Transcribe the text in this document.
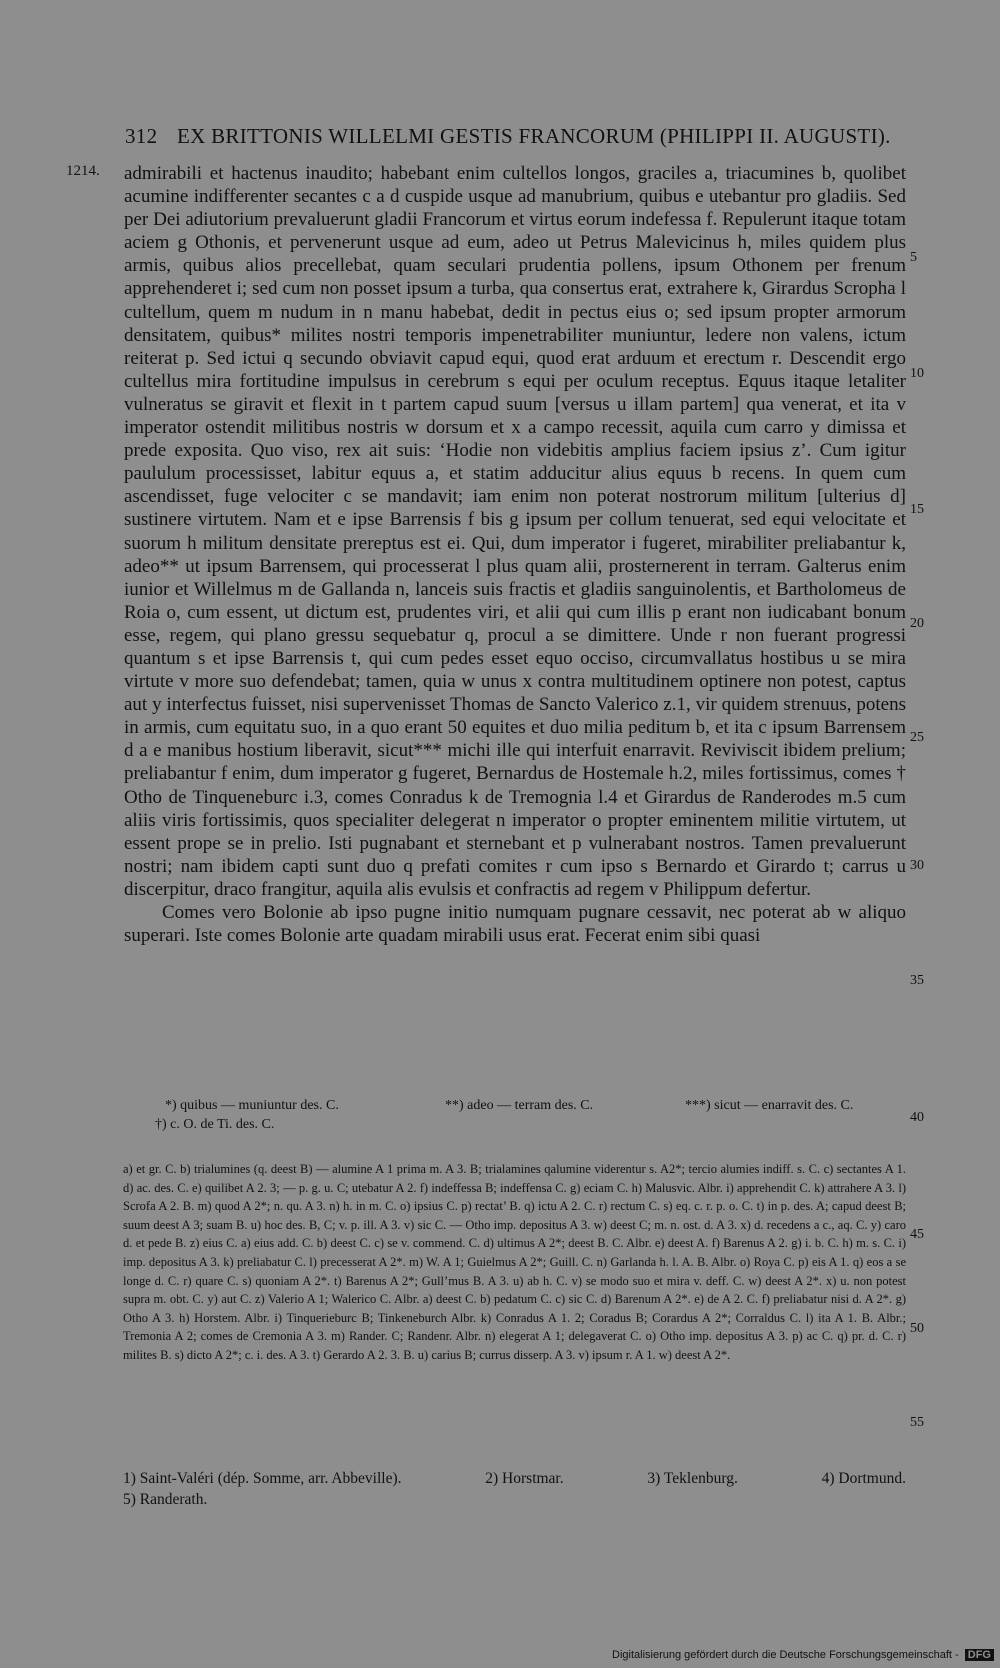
312 EX BRITTONIS WILLELMI GESTIS FRANCORUM (PHILIPPI II. AUGUSTI).
1214. admirabili et hactenus inaudito; habebant enim cultellos longos, graciles a, triacumines b, quolibet acumine indifferenter secantes c a d cuspide usque ad manubrium, quibus e utebantur pro gladiis. Sed per Dei adiutorium prevaluerunt gladii Francorum et virtus eorum indefessa f. Repulerunt itaque totam aciem g Othonis, et pervenerunt usque ad eum, adeo ut Petrus Malevicinus h, miles quidem plus armis, quibus alios precellebat, quam seculari prudentia pollens, ipsum Othonem per frenum apprehenderet i; sed cum non posset ipsum a turba, qua consertus erat, extrahere k, Girardus Scropha l cultellum, quem m nudum in n manu habebat, dedit in pectus eius o; sed ipsum propter armorum densitatem, quibus* milites nostri temporis impenetrabiliter muniuntur, ledere non valens, ictum reiterat p. Sed ictui q secundo obviavit capud equi, quod erat arduum et erectum r. Descendit ergo cultellus mira fortitudine impulsus in cerebrum s equi per oculum receptus. Equus itaque letaliter vulneratus se giravit et flexit in t partem capud suum [versus u illam partem] qua venerat, et ita v imperator ostendit militibus nostris w dorsum et x a campo recessit, aquila cum carro y dimissa et prede exposita. Quo viso, rex ait suis: ‘Hodie non videbitis amplius faciem ipsius z’. Cum igitur paululum processisset, labitur equus a, et statim adducitur alius equus b recens. In quem cum ascendisset, fuge velociter c se mandavit; iam enim non poterat nostrorum militum [ulterius d] sustinere virtutem. Nam et e ipse Barrensis f bis g ipsum per collum tenuerat, sed equi velocitate et suorum h militum densitate prereptus est ei. Qui, dum imperator i fugeret, mirabiliter preliabantur k, adeo** ut ipsum Barrensem, qui processerat l plus quam alii, prosternerent in terram. Galterus enim iunior et Willelmus m de Gallanda n, lanceis suis fractis et gladiis sanguinolentis, et Bartholomeus de Roia o, cum essent, ut dictum est, prudentes viri, et alii qui cum illis p erant non iudicabant bonum esse, regem, qui plano gressu sequebatur q, procul a se dimittere. Unde r non fuerant progressi quantum s et ipse Barrensis t, qui cum pedes esset equo occiso, circumvallatus hostibus u se mira virtute v more suo defendebat; tamen, quia w unus x contra multitudinem optinere non potest, captus aut y interfectus fuisset, nisi supervenisset Thomas de Sancto Valerico z.1, vir quidem strenuus, potens in armis, cum equitatu suo, in a quo erant 50 equites et duo milia peditum b, et ita c ipsum Barrensem d a e manibus hostium liberavit, sicut*** michi ille qui interfuit enarravit. Reviviscit ibidem prelium; preliabantur f enim, dum imperator g fugeret, Bernardus de Hostemale h.2, miles fortissimus, comes † Otho de Tinqueneburc i.3, comes Conradus k de Tremognia l.4 et Girardus de Randerodes m.5 cum aliis viris fortissimis, quos specialiter delegerat n imperator o propter eminentem militie virtutem, ut essent prope se in prelio. Isti pugnabant et sternebant et p vulnerabant nostros. Tamen prevaluerunt nostri; nam ibidem capti sunt duo q prefati comites r cum ipso s Bernardo et Girardo t; carrus u discerpitur, draco frangitur, aquila alis evulsis et confractis ad regem v Philippum defertur.

Comes vero Bolonie ab ipso pugne initio numquam pugnare cessavit, nec poterat ab w aliquo superari. Iste comes Bolonie arte quadam mirabili usus erat. Fecerat enim sibi quasi

5
10
15
20
25
30
35
40
45
50
55
*) quibus — muniuntur des. C.	**) adeo — terram des. C.	***) sicut — enarravit des. C.
†) c. O. de Ti. des. C.
a) et gr. C. b) trialumines (q. deest B) — alumine A 1 prima m. A 3. B; trialamines qalumine viderentur s. A2*; tercio alumies indiff. s. C. c) sectantes A 1. d) ac. des. C. e) quilibet A 2. 3; — p. g. u. C; utebatur A 2. f) indeffessa B; indeffensa C. g) eciam C. h) Malusvic. Albr. i) apprehendit C. k) attrahere A 3. l) Scrofa A 2. B. m) quod A 2*; n. qu. A 3. n) h. in m. C. o) ipsius C. p) rectat’ B. q) ictu A 2. C. r) rectum C. s) eq. c. r. p. o. C. t) in p. des. A; capud deest B; suum deest A 3; suam B. u) hoc des. B, C; v. p. ill. A 3. v) sic C. — Otho imp. depositus A 3. w) deest C; m. n. ost. d. A 3. x) d. recedens a c., aq. C. y) caro d. et pede B. z) eius C. a) eius add. C. b) deest C. c) se v. commend. C. d) ultimus A 2*; deest B. C. Albr. e) deest A. f) Barenus A 2. g) i. b. C. h) m. s. C. i) imp. depositus A 3. k) preliabatur C. l) precesserat A 2*. m) W. A 1; Guielmus A 2*; Guill. C. n) Garlanda h. l. A. B. Albr. o) Roya C. p) eis A 1. q) eos a se longe d. C. r) quare C. s) quoniam A 2*. t) Barenus A 2*; Gull’mus B. A 3. u) ab h. C. v) se modo suo et mira v. deff. C. w) deest A 2*. x) u. non potest supra m. obt. C. y) aut C. z) Valerio A 1; Walerico C. Albr. a) deest C. b) pedatum C. c) sic C. d) Barenum A 2*. e) de A 2. C. f) preliabatur nisi d. A 2*. g) Otho A 3. h) Horstem. Albr. i) Tinquerieburc B; Tinkeneburch Albr. k) Conradus A 1. 2; Coradus B; Corardus A 2*; Corraldus C. l) ita A 1. B. Albr.; Tremonia A 2; comes de Cremonia A 3. m) Rander. C; Randenr. Albr. n) elegerat A 1; delegaverat C. o) Otho imp. depositus A 3. p) ac C. q) pr. d. C. r) milites B. s) dicto A 2*; c. i. des. A 3. t) Gerardo A 2. 3. B. u) carius B; currus disserp. A 3. v) ipsum r. A 1. w) deest A 2*.
1) Saint-Valéri (dép. Somme, arr. Abbeville).	2) Horstmar.	3) Teklenburg.	4) Dortmund.
5) Randerath.
Digitalisierung gefördert durch die Deutsche Forschungsgemeinschaft - DFG
